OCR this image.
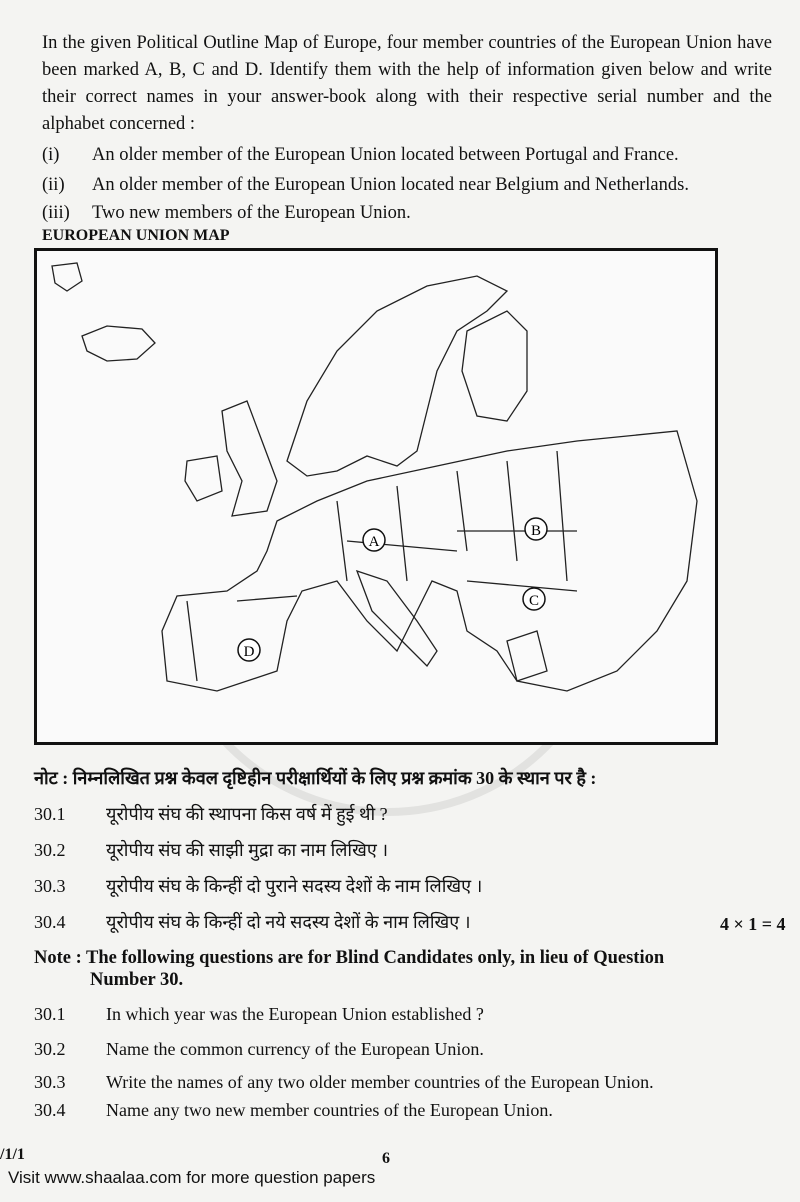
In the given Political Outline Map of Europe, four member countries of the European Union have been marked A, B, C and D. Identify them with the help of information given below and write their correct names in your answer-book along with their respective serial number and the alphabet concerned :
(i) An older member of the European Union located between Portugal and France.
(ii) An older member of the European Union located near Belgium and Netherlands.
(iii) Two new members of the European Union.
EUROPEAN UNION MAP
A
B
C
D
नोट : निम्नलिखित प्रश्न केवल दृष्टिहीन परीक्षार्थियों के लिए प्रश्न क्रमांक 30 के स्थान पर है :
30.1 यूरोपीय संघ की स्थापना किस वर्ष में हुई थी ?
30.2 यूरोपीय संघ की साझी मुद्रा का नाम लिखिए ।
30.3 यूरोपीय संघ के किन्हीं दो पुराने सदस्य देशों के नाम लिखिए ।
30.4 यूरोपीय संघ के किन्हीं दो नये सदस्य देशों के नाम लिखिए ।	4 × 1 = 4
Note : The following questions are for Blind Candidates only, in lieu of Question
Number 30.
30.1 In which year was the European Union established ?
30.2 Name the common currency of the European Union.
30.3 Write the names of any two older member countries of the European Union.
30.4 Name any two new member countries of the European Union.
/1/1	6
Visit www.shaalaa.com for more question papers
